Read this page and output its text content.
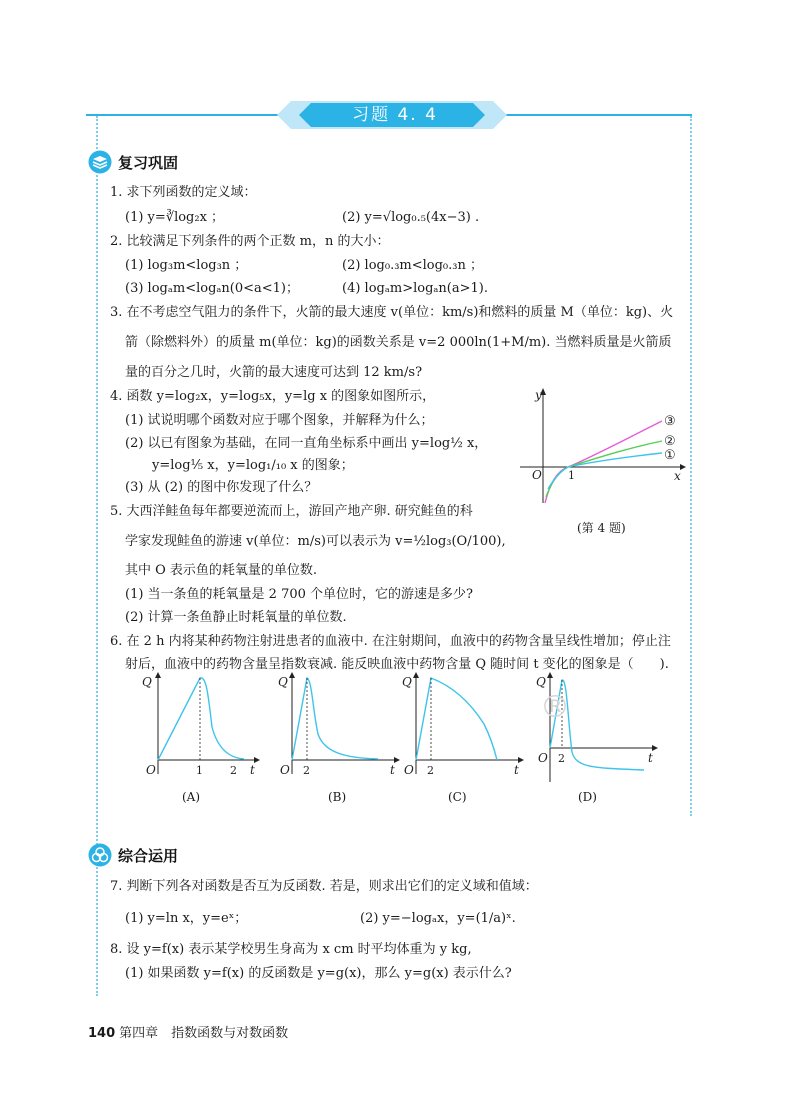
习题 4. 4
复习巩固
1. 求下列函数的定义域：
(1) y=∛log₂x ；	(2) y=√log₀.₅(4x−3) .
2. 比较满足下列条件的两个正数 m，n 的大小：
(1) log₃m<log₃n ；	(2) log₀.₃m<log₀.₃n ；
(3) logₐm<logₐn(0<a<1)；	(4) logₐm>logₐn(a>1).
3. 在不考虑空气阻力的条件下，火箭的最大速度 v(单位：km/s)和燃料的质量 M（单位：kg)、火
箭（除燃料外）的质量 m(单位：kg)的函数关系是 v=2 000ln(1+M/m). 当燃料质量是火箭质
量的百分之几时，火箭的最大速度可达到 12 km/s?
4. 函数 y=log₂x，y=log₅x，y=lg x 的图象如图所示，
(1) 试说明哪个函数对应于哪个图象，并解释为什么；
(2) 以已有图象为基础，在同一直角坐标系中画出 y=log½ x，
y=log⅕ x，y=log₁/₁₀ x 的图象；
(3) 从 (2) 的图中你发现了什么？
5. 大西洋鲑鱼每年都要逆流而上，游回产地产卵. 研究鲑鱼的科
学家发现鲑鱼的游速 v(单位：m/s)可以表示为 v=½log₃(O/100),
其中 O 表示鱼的耗氧量的单位数.
(1) 当一条鱼的耗氧量是 2 700 个单位时，它的游速是多少?
(2) 计算一条鱼静止时耗氧量的单位数.
6. 在 2 h 内将某种药物注射进患者的血液中. 在注射期间，血液中的药物含量呈线性增加；停止注
射后，血液中的药物含量呈指数衰减. 能反映血液中药物含量 Q 随时间 t 变化的图象是（　　).
③
②
①
O 1	x
y
(第 4 题)
Q
O	1 2 t
(A)
Q
O 2	t
(B)
Q
O 2	t
(C)
Q
O 2	t
(D)
®
综合运用
7. 判断下列各对函数是否互为反函数. 若是，则求出它们的定义域和值域：
(1) y=ln x，y=eˣ；	(2) y=−logₐx，y=(1/a)ˣ.
8. 设 y=f(x) 表示某学校男生身高为 x cm 时平均体重为 y kg,
(1) 如果函数 y=f(x) 的反函数是 y=g(x)，那么 y=g(x) 表示什么?
140 第四章　指数函数与对数函数
